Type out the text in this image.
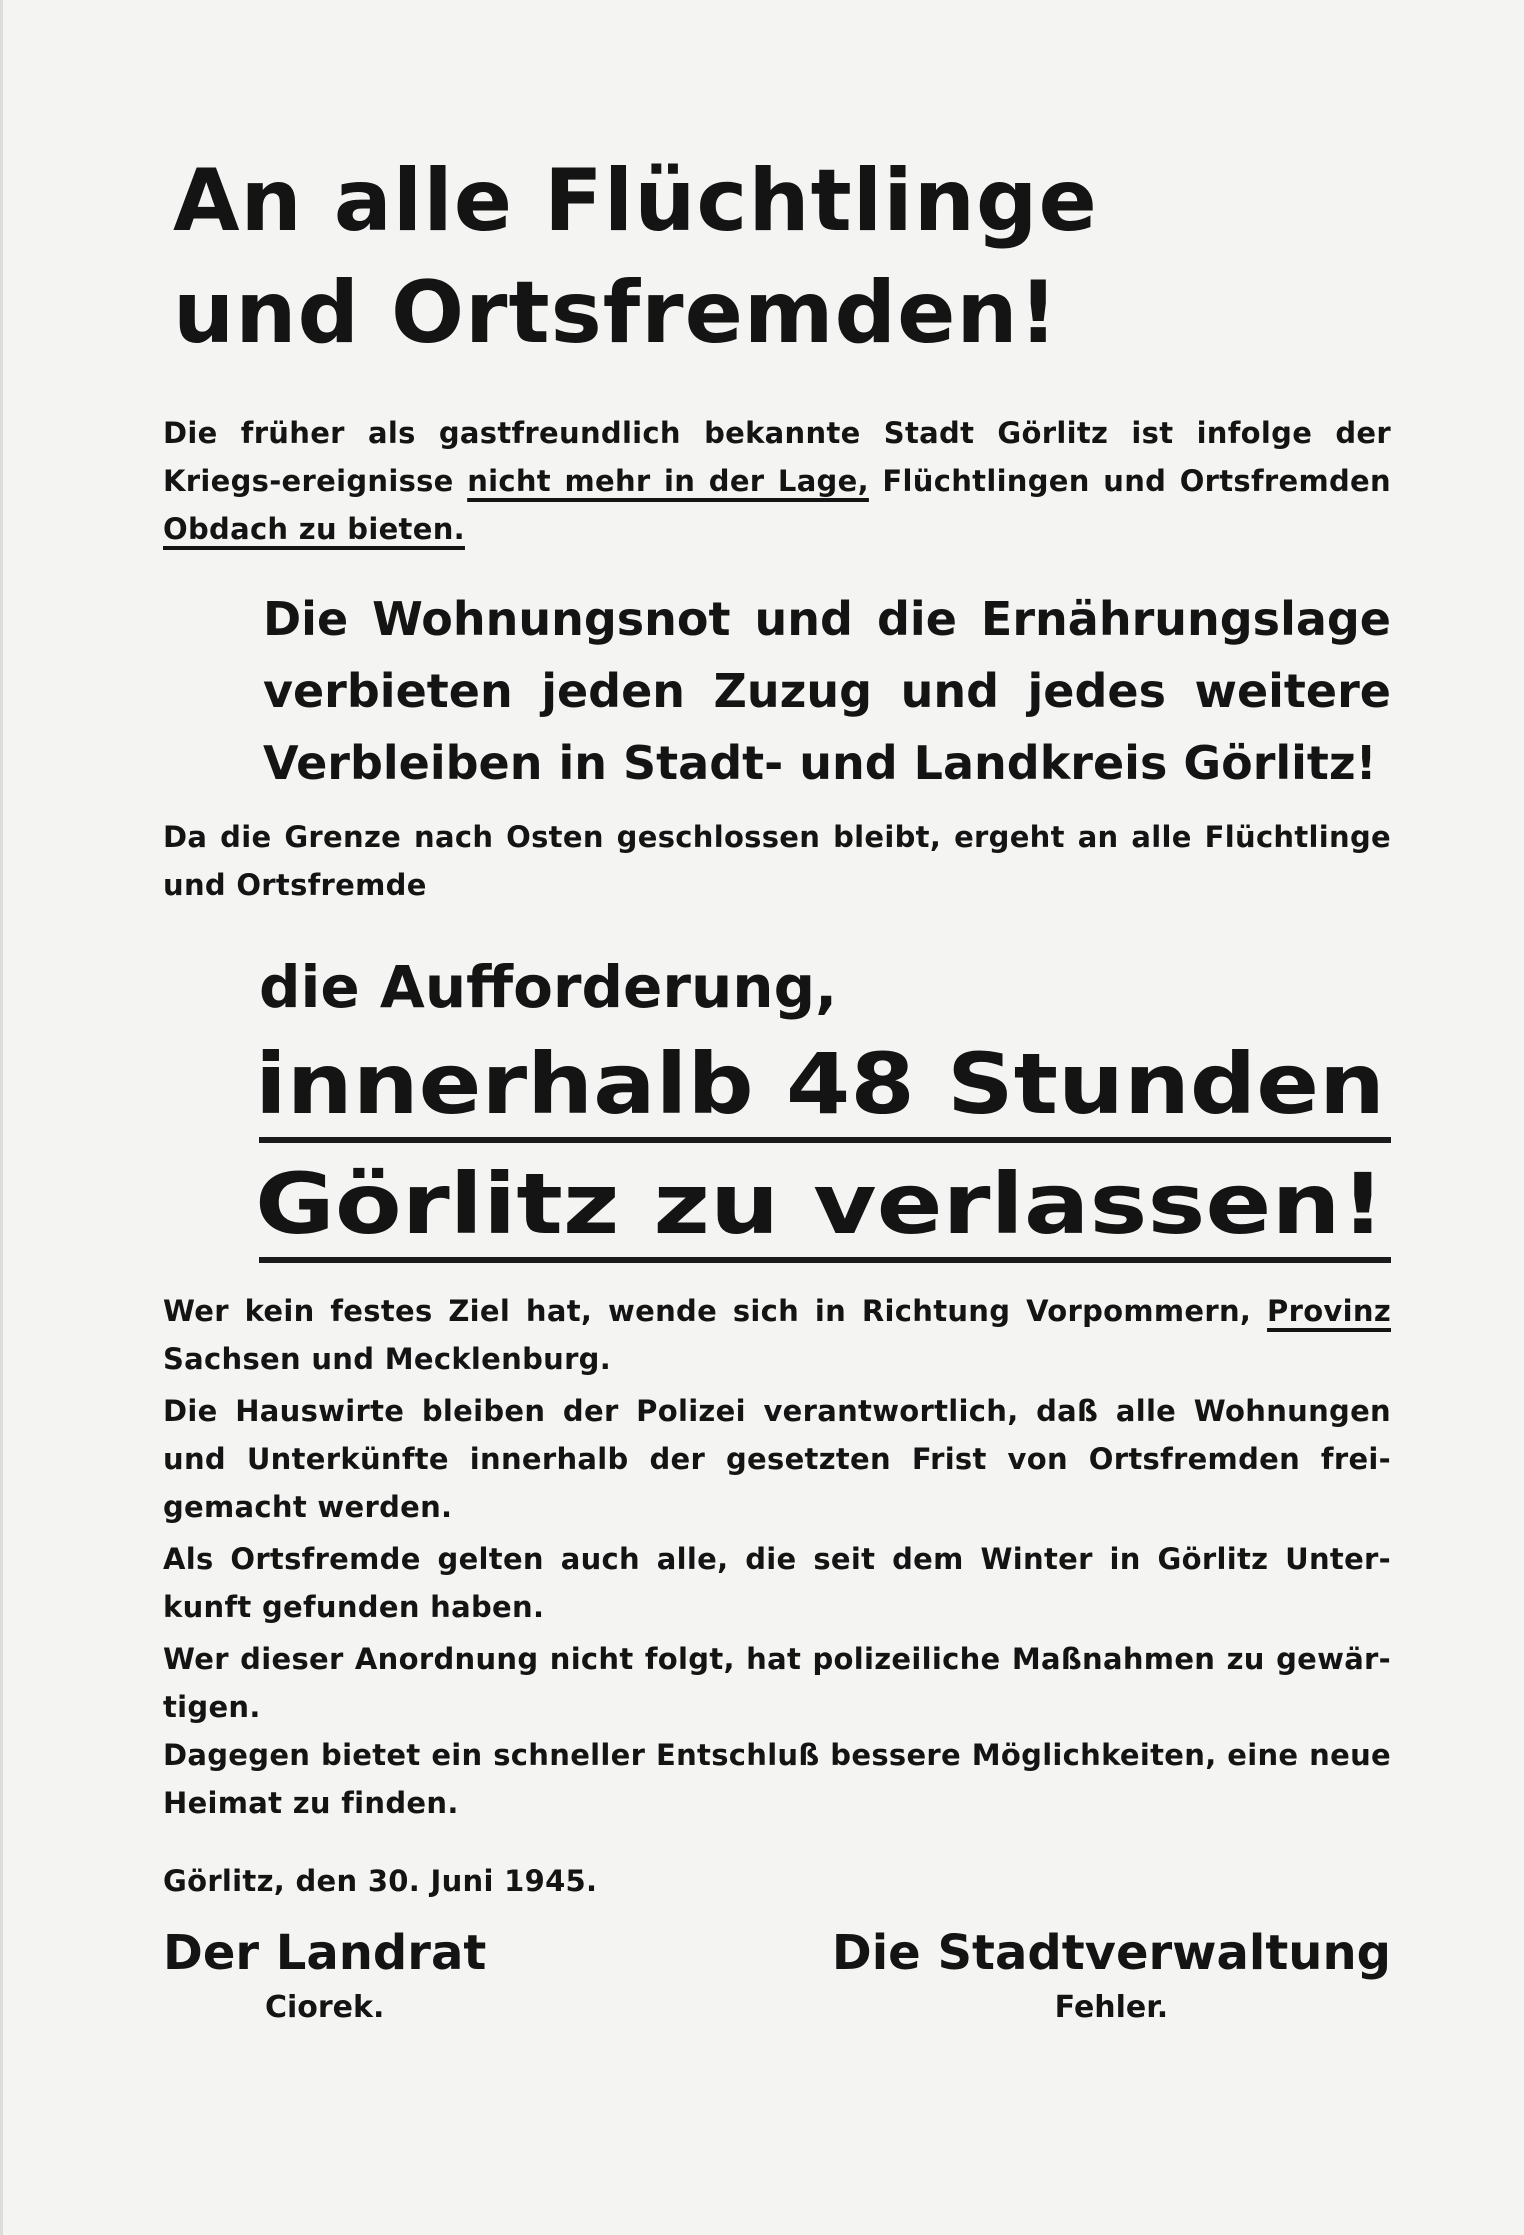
An alle Flüchtlinge
und Ortsfremden!

Die früher als gastfreundlich bekannte Stadt Görlitz ist infolge der Kriegs-ereignisse nicht mehr in der Lage, Flüchtlingen und Ortsfremden Obdach zu bieten.

Die Wohnungsnot und die Ernährungslage verbieten jeden Zuzug und jedes weitere Verbleiben in Stadt- und Landkreis Görlitz!

Da die Grenze nach Osten geschlossen bleibt, ergeht an alle Flüchtlinge und Ortsfremde

die Aufforderung,

innerhalb 48 Stunden
Görlitz zu verlassen!

Wer kein festes Ziel hat, wende sich in Richtung Vorpommern, Provinz Sachsen und Mecklenburg.

Die Hauswirte bleiben der Polizei verantwortlich, daß alle Wohnungen und Unterkünfte innerhalb der gesetzten Frist von Ortsfremden frei-gemacht werden.

Als Ortsfremde gelten auch alle, die seit dem Winter in Görlitz Unter-kunft gefunden haben.

Wer dieser Anordnung nicht folgt, hat polizeiliche Maßnahmen zu gewär-tigen.

Dagegen bietet ein schneller Entschluß bessere Möglichkeiten, eine neue Heimat zu finden.

Görlitz, den 30. Juni 1945.

Der Landrat
Ciorek.
Die Stadtverwaltung
Fehler.
